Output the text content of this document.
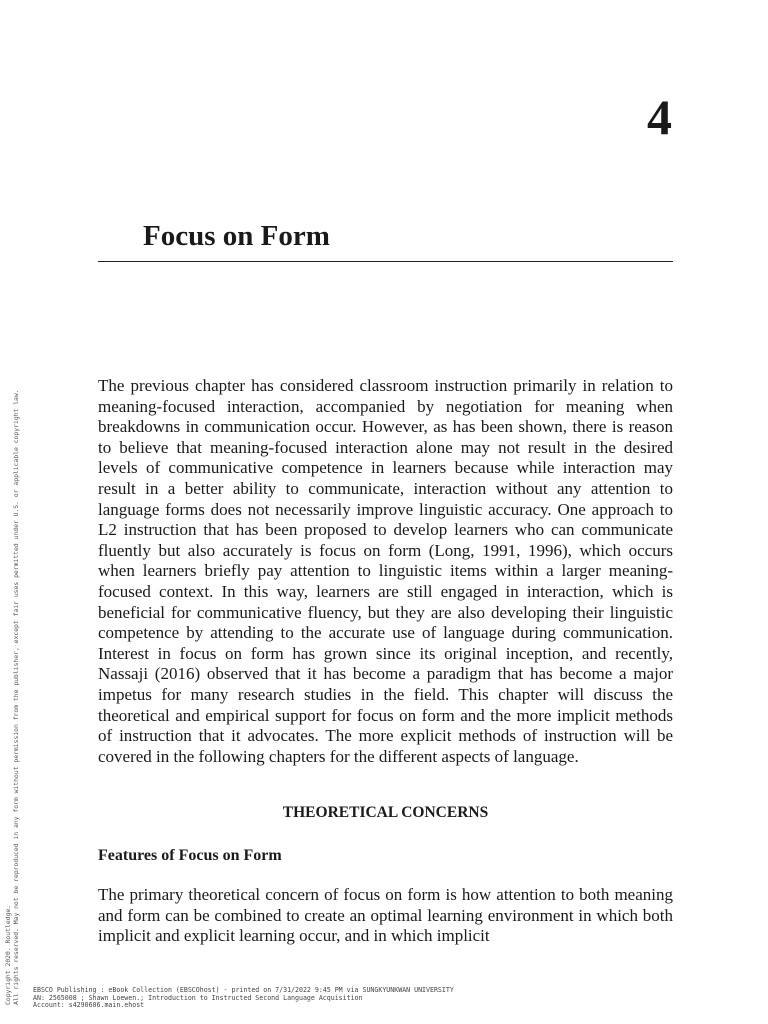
4
Focus on Form

The previous chapter has considered classroom instruction primarily in relation to meaning-focused interaction, accompanied by negotiation for meaning when breakdowns in communication occur. However, as has been shown, there is reason to believe that meaning-focused interaction alone may not result in the desired levels of communicative competence in learners because while interaction may result in a better ability to communicate, interaction without any attention to language forms does not necessarily improve linguistic accuracy. One approach to L2 instruction that has been proposed to develop learners who can communicate fluently but also accurately is focus on form (Long, 1991, 1996), which occurs when learners briefly pay attention to linguistic items within a larger meaning-focused context. In this way, learners are still engaged in interaction, which is beneficial for communicative fluency, but they are also developing their linguistic competence by attending to the accurate use of language during communication. Interest in focus on form has grown since its original inception, and recently, Nassaji (2016) observed that it has become a paradigm that has become a major impetus for many research studies in the field. This chapter will discuss the theoretical and empirical support for focus on form and the more implicit methods of instruction that it advocates. The more explicit methods of instruction will be covered in the following chapters for the different aspects of language.

THEORETICAL CONCERNS
Features of Focus on Form

The primary theoretical concern of focus on form is how attention to both meaning and form can be combined to create an optimal learning environment in which both implicit and explicit learning occur, and in which implicit

Copyright 2020. Routledge. All rights reserved. May not be reproduced in any form without permission from the publisher, except fair uses permitted under U.S. or applicable copyright law. EBSCO Publishing : eBook Collection (EBSCOhost) - printed on 7/31/2022 9:45 PM via SUNGKYUNKWAN UNIVERSITY
AN: 2565008 ; Shawn Loewen.; Introduction to Instructed Second Language Acquisition
Account: s4290606.main.ehost
